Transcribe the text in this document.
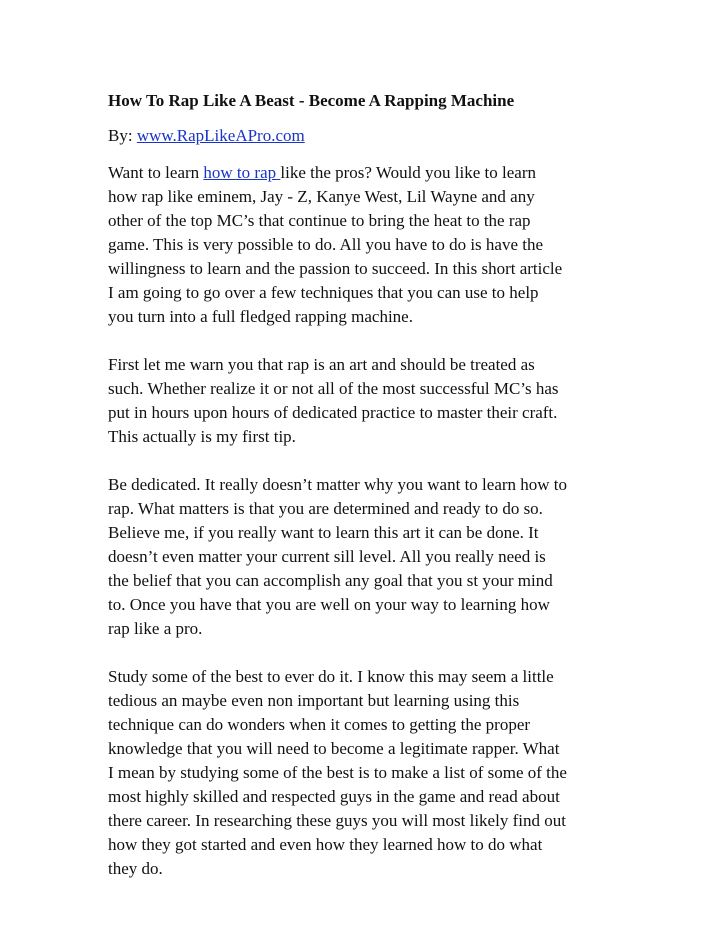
How To Rap Like A Beast - Become A Rapping Machine

By: www.RapLikeAPro.com

Want to learn how to rap like the pros? Would you like to learn
how rap like eminem, Jay - Z, Kanye West, Lil Wayne and any
other of the top MC’s that continue to bring the heat to the rap
game. This is very possible to do. All you have to do is have the
willingness to learn and the passion to succeed. In this short article
I am going to go over a few techniques that you can use to help
you turn into a full fledged rapping machine.

First let me warn you that rap is an art and should be treated as
such. Whether realize it or not all of the most successful MC’s has
put in hours upon hours of dedicated practice to master their craft.
This actually is my first tip.

Be dedicated. It really doesn’t matter why you want to learn how to
rap. What matters is that you are determined and ready to do so.
Believe me, if you really want to learn this art it can be done. It
doesn’t even matter your current sill level. All you really need is
the belief that you can accomplish any goal that you st your mind
to. Once you have that you are well on your way to learning how
rap like a pro.

Study some of the best to ever do it. I know this may seem a little
tedious an maybe even non important but learning using this
technique can do wonders when it comes to getting the proper
knowledge that you will need to become a legitimate rapper. What
I mean by studying some of the best is to make a list of some of the
most highly skilled and respected guys in the game and read about
there career. In researching these guys you will most likely find out
how they got started and even how they learned how to do what
they do.
